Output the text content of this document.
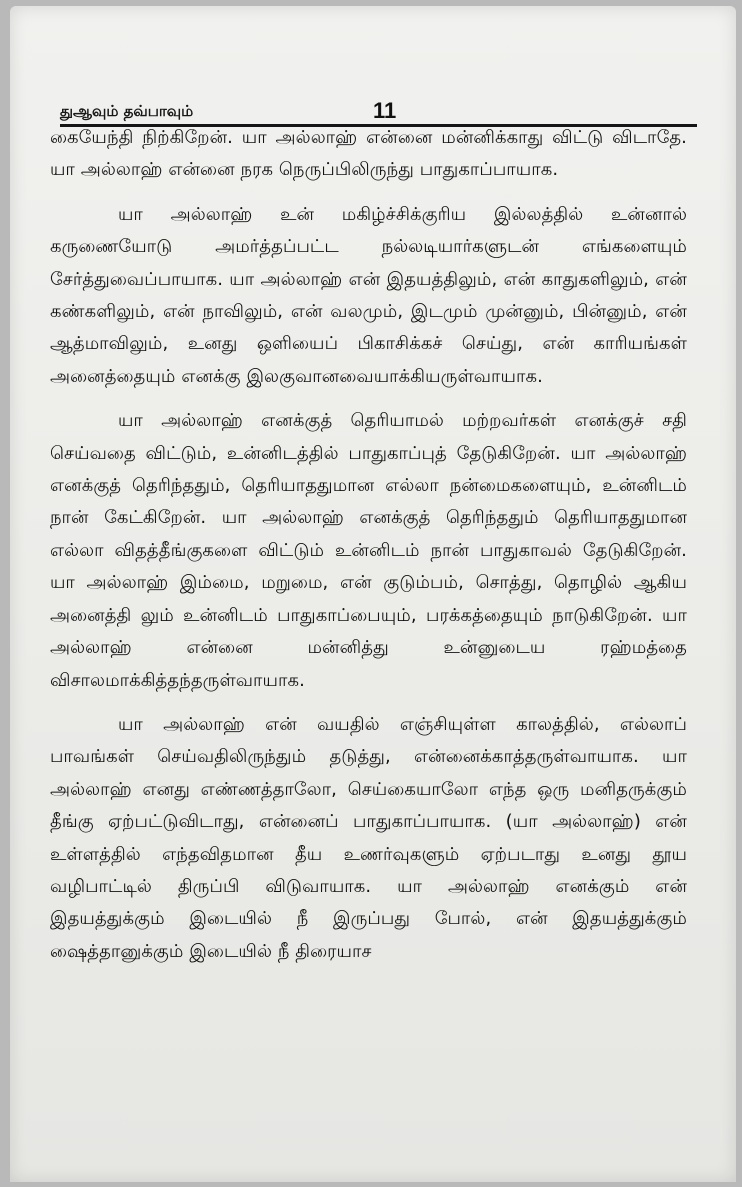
துஆவும் தவ்பாவும்	11

கையேந்தி நிற்கிறேன். யா அல்லாஹ் என்னை மன்னிக்காது விட்டு விடாதே. யா அல்லாஹ் என்னை நரக நெருப்பிலிருந்து பாதுகாப்பாயாக.

யா அல்லாஹ் உன் மகிழ்ச்சிக்குரிய இல்லத்தில் உன்னால் கருணையோடு அமர்த்தப்பட்ட நல்லடியார்களுடன் எங்களையும் சேர்த்துவைப்பாயாக. யா அல்லாஹ் என் இதயத்திலும், என் காதுகளிலும், என் கண்களிலும், என் நாவிலும், என் வலமும், இடமும் முன்னும், பின்னும், என் ஆத்மாவிலும், உனது ஒளியைப் பிகாசிக்கச் செய்து, என் காரியங்கள் அனைத்தையும் எனக்கு இலகுவானவையாக்கியருள்வாயாக.

யா அல்லாஹ் எனக்குத் தெரியாமல் மற்றவர்கள் எனக்குச் சதி செய்வதை விட்டும், உன்னிடத்தில் பாதுகாப்புத் தேடுகிறேன். யா அல்லாஹ் எனக்குத் தெரிந்ததும், தெரியாததுமான எல்லா நன்மைகளையும், உன்னிடம் நான் கேட்கிறேன். யா அல்லாஹ் எனக்குத் தெரிந்ததும் தெரியாததுமான எல்லா விதத்தீங்குகளை விட்டும் உன்னிடம் நான் பாதுகாவல் தேடுகிறேன். யா அல்லாஹ் இம்மை, மறுமை, என் குடும்பம், சொத்து, தொழில் ஆகிய அனைத்தி லும் உன்னிடம் பாதுகாப்பையும், பரக்கத்தையும் நாடுகிறேன். யா அல்லாஹ் என்னை மன்னித்து உன்னுடைய ரஹ்மத்தை விசாலமாக்கித்தந்தருள்வாயாக.

யா அல்லாஹ் என் வயதில் எஞ்சியுள்ள காலத்தில், எல்லாப் பாவங்கள் செய்வதிலிருந்தும் தடுத்து, என்னைக்காத்தருள்வாயாக. யா அல்லாஹ் எனது எண்ணத்தாலோ, செய்கையாலோ எந்த ஒரு மனிதருக்கும் தீங்கு ஏற்பட்டுவிடாது, என்னைப் பாதுகாப்பாயாக. (யா அல்லாஹ்) என் உள்ளத்தில் எந்தவிதமான தீய உணர்வுகளும் ஏற்படாது உனது தூய வழிபாட்டில் திருப்பி விடுவாயாக. யா அல்லாஹ் எனக்கும் என் இதயத்துக்கும் இடையில் நீ இருப்பது போல், என் இதயத்துக்கும் ஷைத்தானுக்கும் இடையில் நீ திரையாச
